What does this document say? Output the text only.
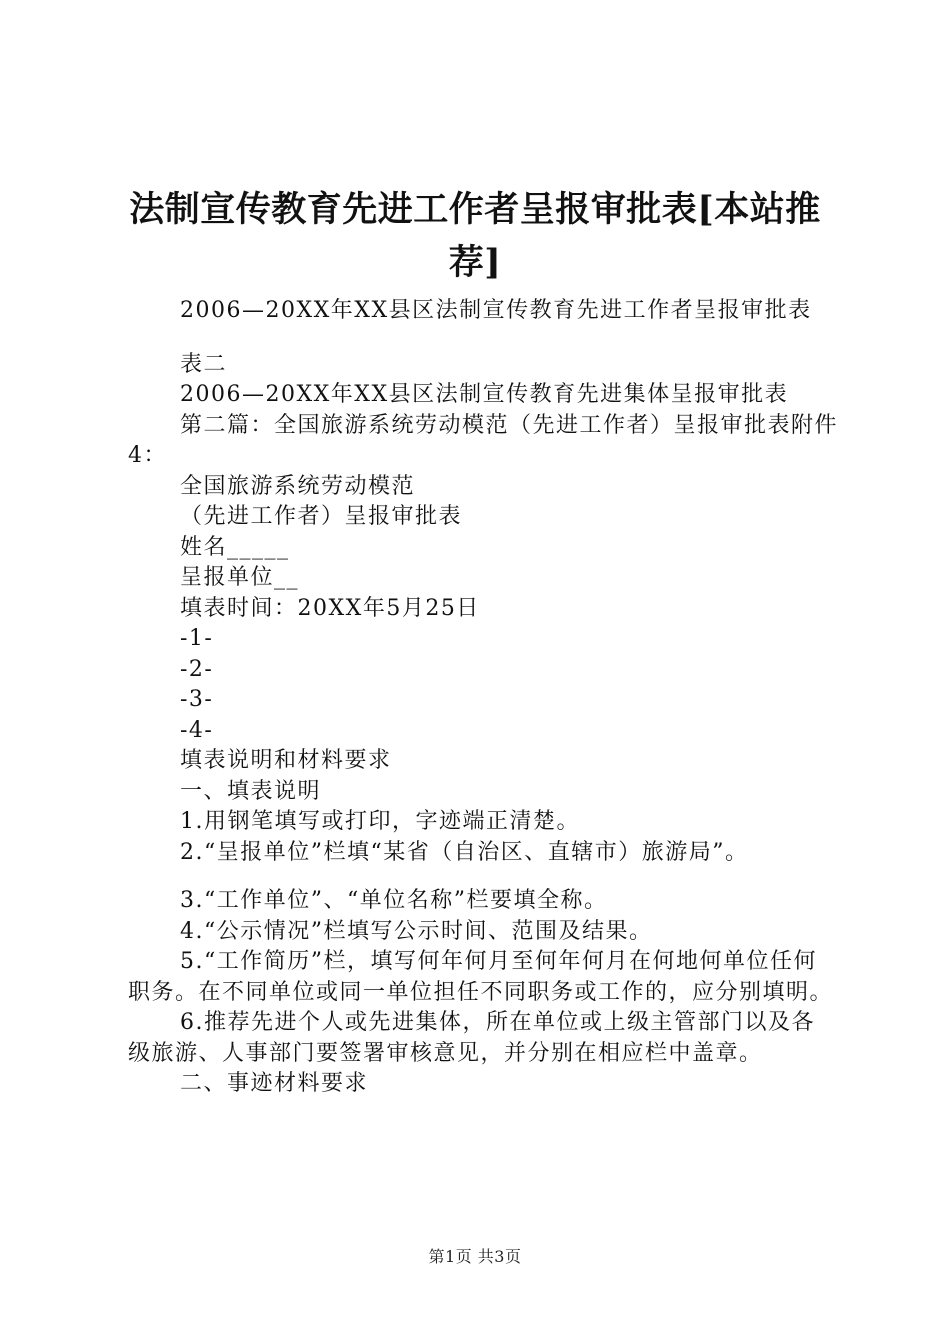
法制宣传教育先进工作者呈报审批表[本站推
荐]
2006—20XX年XX县区法制宣传教育先进工作者呈报审批表
表二
2006—20XX年XX县区法制宣传教育先进集体呈报审批表
第二篇：全国旅游系统劳动模范（先进工作者）呈报审批表附件4：
全国旅游系统劳动模范
（先进工作者）呈报审批表
姓名_____
呈报单位__
填表时间：20XX年5月25日
-1-
-2-
-3-
-4-
填表说明和材料要求
一、填表说明
1.用钢笔填写或打印，字迹端正清楚。
2.“呈报单位”栏填“某省（自治区、直辖市）旅游局”。
3.“工作单位”、“单位名称”栏要填全称。
4.“公示情况”栏填写公示时间、范围及结果。
5.“工作简历”栏，填写何年何月至何年何月在何地何单位任何职务。在不同单位或同一单位担任不同职务或工作的，应分别填明。
6.推荐先进个人或先进集体，所在单位或上级主管部门以及各级旅游、人事部门要签署审核意见，并分别在相应栏中盖章。
二、事迹材料要求
第1页 共3页
